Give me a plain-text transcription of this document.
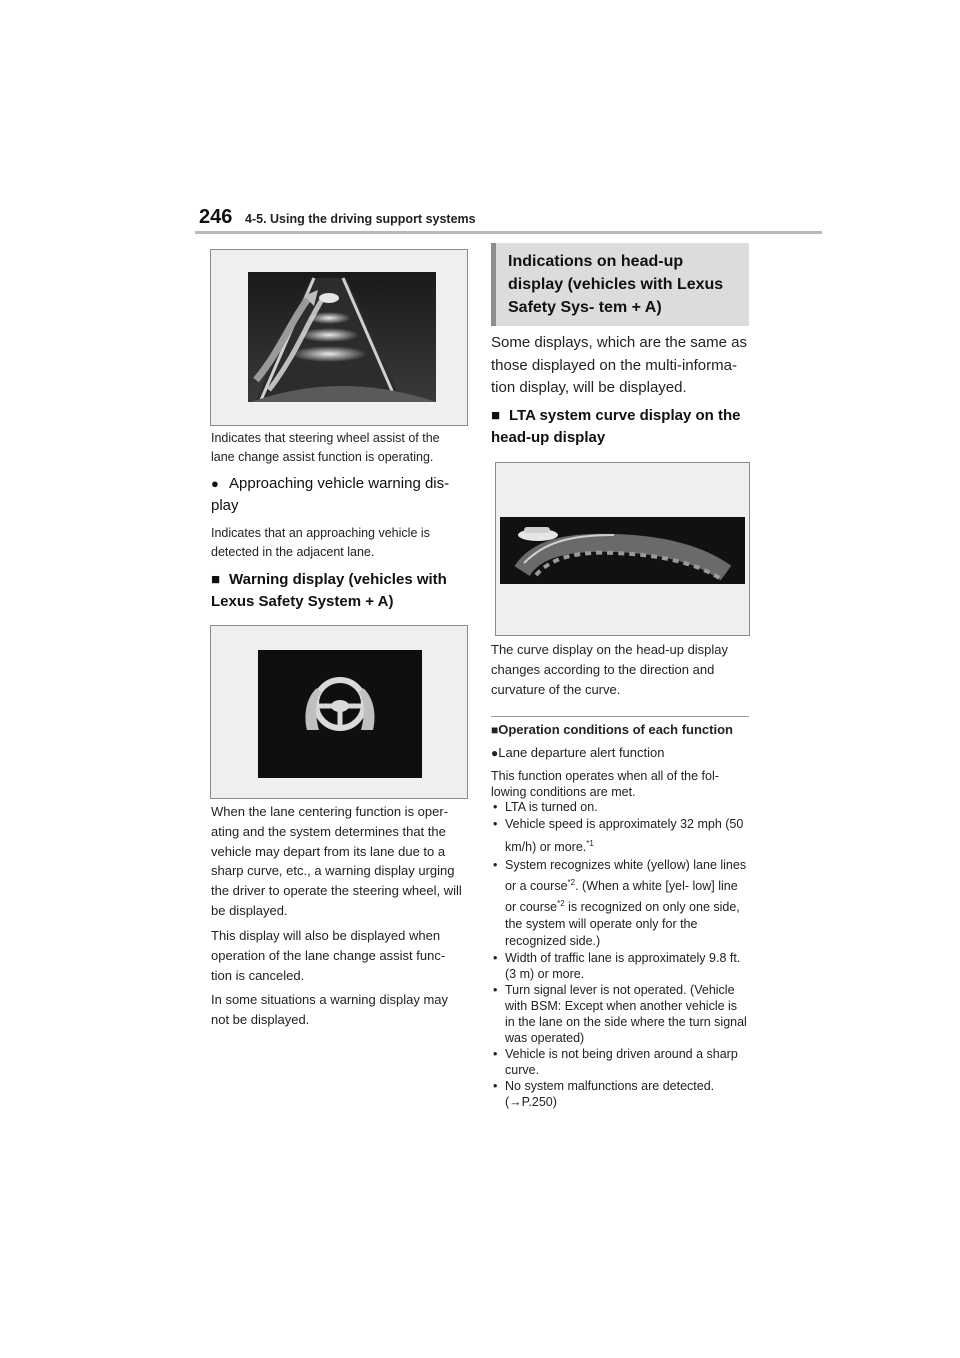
246 4-5. Using the driving support systems
Indicates that steering wheel assist of the lane change assist function is operating.
● Approaching vehicle warning dis- play
Indicates that an approaching vehicle is detected in the adjacent lane.
■ Warning display (vehicles with Lexus Safety System + A)
When the lane centering function is oper- ating and the system determines that the vehicle may depart from its lane due to a sharp curve, etc., a warning display urging the driver to operate the steering wheel, will be displayed.
This display will also be displayed when operation of the lane change assist func- tion is canceled.
In some situations a warning display may not be displayed.
Indications on head-up display (vehicles with Lexus Safety Sys- tem + A)
Some displays, which are the same as those displayed on the multi-informa- tion display, will be displayed.
■ LTA system curve display on the head-up display
The curve display on the head-up display changes according to the direction and curvature of the curve.
■Operation conditions of each function
●Lane departure alert function
This function operates when all of the fol- lowing conditions are met.
• LTA is turned on.
• Vehicle speed is approximately 32 mph (50 km/h) or more.$^{*1}$
• System recognizes white (yellow) lane lines or a course$^{*2}$. (When a white [yel- low] line or course$^{*2}$ is recognized on only one side, the system will operate only for the recognized side.)
• Width of traffic lane is approximately 9.8 ft. (3 m) or more.
• Turn signal lever is not operated. (Vehicle with BSM: Except when another vehicle is in the lane on the side where the turn signal was operated)
• Vehicle is not being driven around a sharp curve.
• No system malfunctions are detected.
(→P.250)
